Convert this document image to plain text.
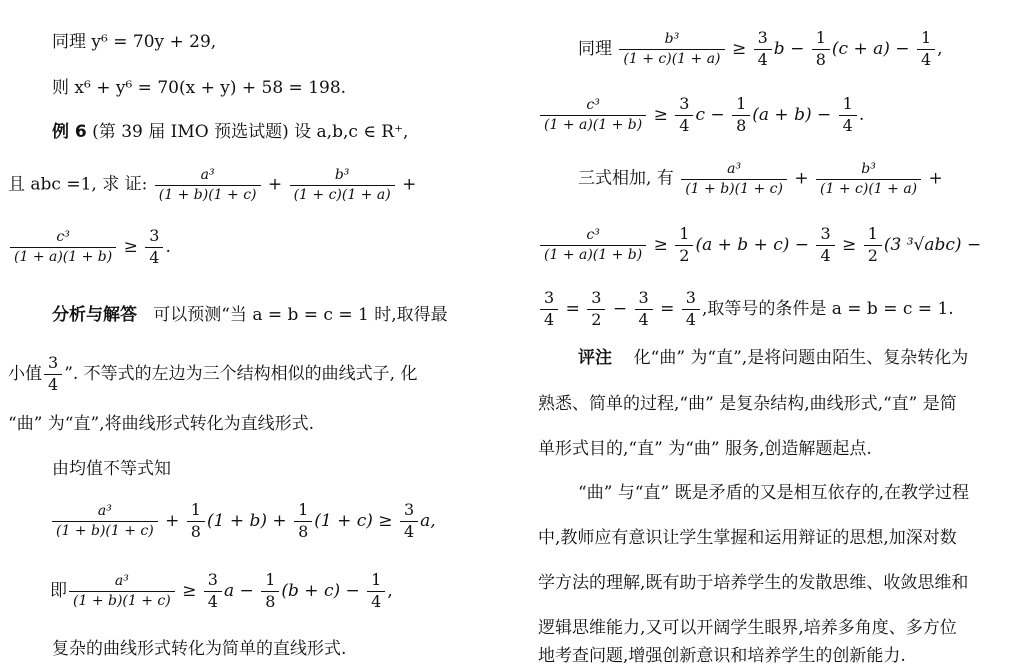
同理 y⁶ = 70y + 29,
则 x⁶ + y⁶ = 70(x + y) + 58 = 198.
例 6 (第 39 届 IMO 预选试题) 设 a,b,c ∈ R⁺,
且 abc =1, 求 证: $\frac{\text{a³}}{(1 + b)(1 + c)} + \frac{\text{b³}}{(1 + c)(1 + a)}$ +
$\frac{\text{c³}}{(1 + a)(1 + b)} \ge \frac{3}{4}$ .
分析与解答 可以预测“当 a = b = c = 1 时,取得最
小值 $\frac{3}{4}$ ”. 不等式的左边为三个结构相似的曲线式子, 化
“曲” 为“直”,将曲线形式转化为直线形式.
由均值不等式知
$\frac{\text{a³}}{(1 + b)(1 + c)} + \frac{1}{8} (1 + b) + \frac{1}{8} (1 + c) \ge \frac{3}{4} a$,
即 $\frac{\text{a³}}{(1 + b)(1 + c)} \ge \frac{3}{4}$ $a - \frac{1}{8} (b + c) - \frac{1}{4}$ ,
复杂的曲线形式转化为简单的直线形式.
同理 $\frac{\text{b³}}{(1 + c)(1 + a)} \ge \frac{3}{4}$ $b - \frac{1}{8} (c + a) - \frac{1}{4}$ ,
$\frac{\text{c³}}{(1 + a)(1 + b)} \ge \frac{3}{4}$ $c - \frac{1}{8} (a + b) - \frac{1}{4}$ .
三式相加, 有 $\frac{\text{a³}}{(1 + b)(1 + c)} + \frac{\text{b³}}{(1 + c)(1 + a)}$ +
$\frac{\text{c³}}{(1 + a)(1 + b)} \ge \frac{1}{2} (a + b + c) - \frac{3}{4} \ge \frac{1}{2} (3$ ³√abc) −
$\frac{3}{4} = \frac{3}{2} - \frac{3}{4} = \frac{3}{4}$ ,取等号的条件是 a = b = c = 1.
评注 化“曲” 为“直”,是将问题由陌生、复杂转化为
熟悉、简单的过程,“曲” 是复杂结构,曲线形式,“直” 是简
单形式目的,“直” 为“曲” 服务,创造解题起点.
“曲” 与“直” 既是矛盾的又是相互依存的,在教学过程
中,教师应有意识让学生掌握和运用辩证的思想,加深对数
学方法的理解,既有助于培养学生的发散思维、收敛思维和
逻辑思维能力,又可以开阔学生眼界,培养多角度、多方位
地考查问题,增强创新意识和培养学生的创新能力.
